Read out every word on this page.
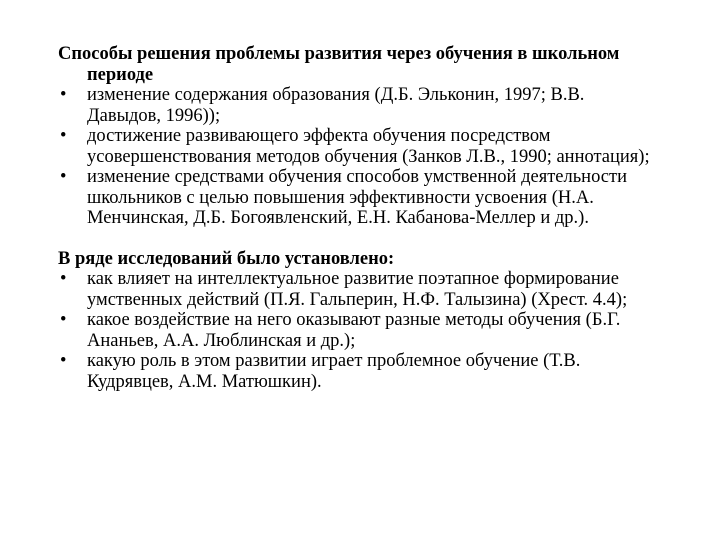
Способы решения проблемы развития через обучения в школьном периоде

• изменение содержания образования (Д.Б. Эльконин, 1997; В.В. Давыдов, 1996));
• достижение развивающего эффекта обучения посредством усовершенствования методов обучения (Занков Л.В., 1990; аннотация);
• изменение средствами обучения способов умственной деятельности школьников с целью повышения эффективности усвоения (Н.А. Менчинская, Д.Б. Богоявленский, Е.Н. Кабанова-Меллер и др.).

В ряде исследований было установлено:

• как влияет на интеллектуальное развитие поэтапное формирование умственных действий (П.Я. Гальперин, Н.Ф. Талызина) (Хрест. 4.4);
• какое воздействие на него оказывают разные методы обучения (Б.Г. Ананьев, А.А. Люблинская и др.);
• какую роль в этом развитии играет проблемное обучение (Т.В. Кудрявцев, А.М. Матюшкин).
